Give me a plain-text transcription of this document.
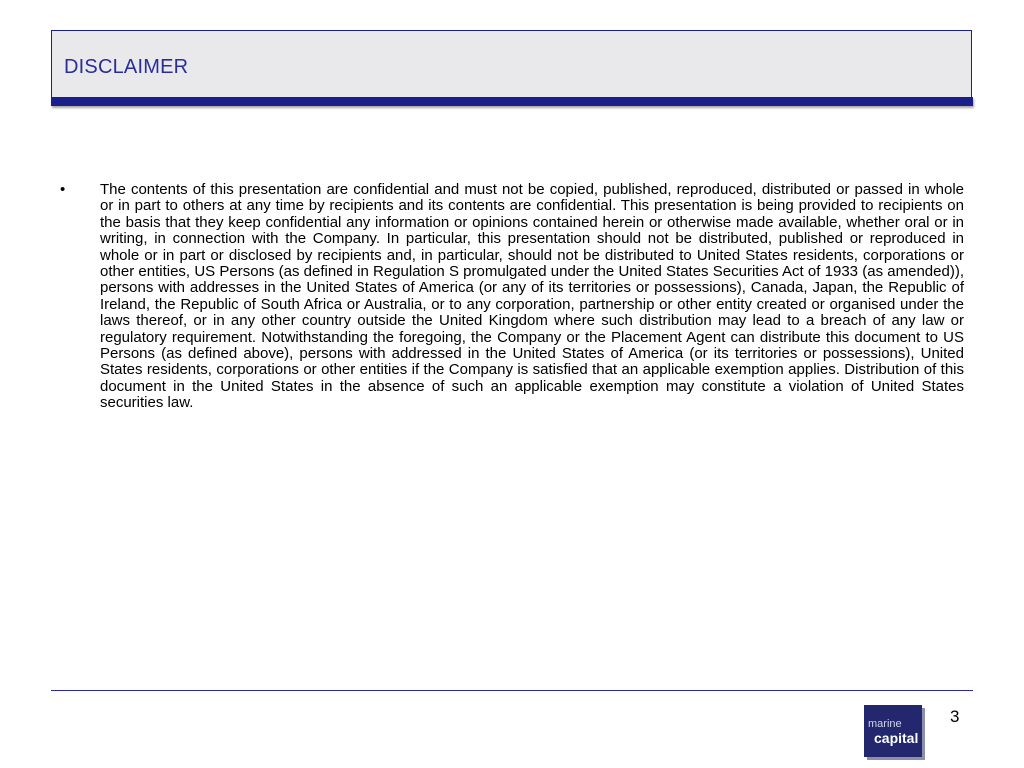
DISCLAIMER
•	The contents of this presentation are confidential and must not be copied, published, reproduced, distributed or passed in whole or in part to others at any time by recipients and its contents are confidential. This presentation is being provided to recipients on the basis that they keep confidential any information or opinions contained herein or otherwise made available, whether oral or in writing, in connection with the Company. In particular, this presentation should not be distributed, published or reproduced in whole or in part or disclosed by recipients and, in particular, should not be distributed to United States residents, corporations or other entities, US Persons (as defined in Regulation S promulgated under the United States Securities Act of 1933 (as amended)), persons with addresses in the United States of America (or any of its territories or possessions), Canada, Japan, the Republic of Ireland, the Republic of South Africa or Australia, or to any corporation, partnership or other entity created or organised under the laws thereof, or in any other country outside the United Kingdom where such distribution may lead to a breach of any law or regulatory requirement. Notwithstanding the foregoing, the Company or the Placement Agent can distribute this document to US Persons (as defined above), persons with addressed in the United States of America (or its territories or possessions), United States residents, corporations or other entities if the Company is satisfied that an applicable exemption applies. Distribution of this document in the United States in the absence of such an applicable exemption may constitute a violation of United States securities law.
marine
capital
3
